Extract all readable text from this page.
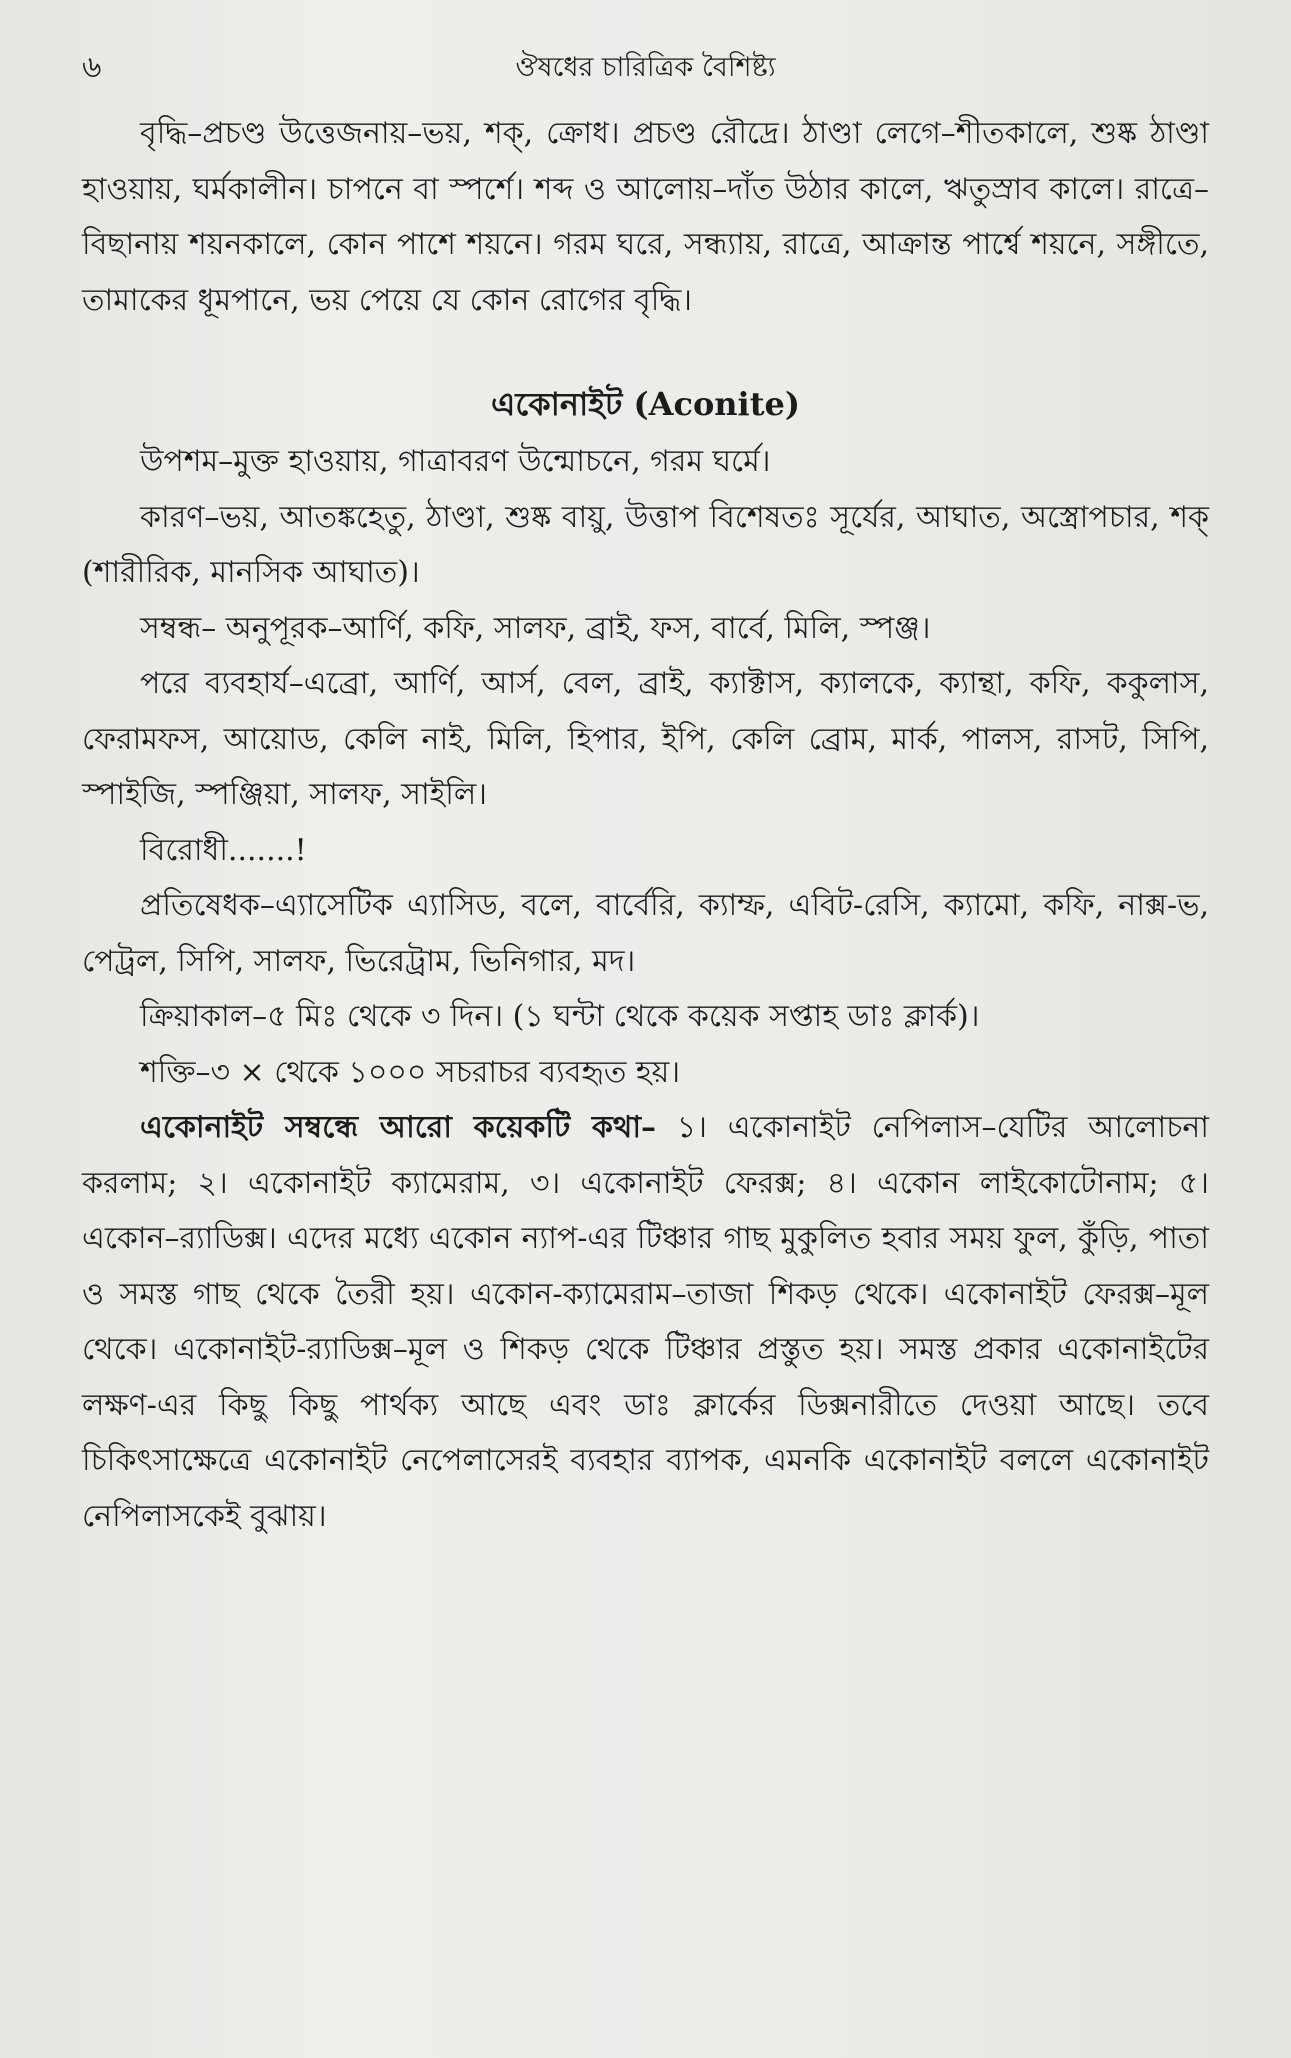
৬	ঔষধের চারিত্রিক বৈশিষ্ট্য

বৃদ্ধি–প্রচণ্ড উত্তেজনায়–ভয়, শক্, ক্রোধ। প্রচণ্ড রৌদ্রে। ঠাণ্ডা লেগে–শীতকালে, শুষ্ক ঠাণ্ডা হাওয়ায়, ঘর্মকালীন। চাপনে বা স্পর্শে। শব্দ ও আলোয়–দাঁত উঠার কালে, ঋতুস্রাব কালে। রাত্রে–বিছানায় শয়নকালে, কোন পাশে শয়নে। গরম ঘরে, সন্ধ্যায়, রাত্রে, আক্রান্ত পার্শ্বে শয়নে, সঙ্গীতে, তামাকের ধূমপানে, ভয় পেয়ে যে কোন রোগের বৃদ্ধি।

একোনাইট (Aconite)

উপশম–মুক্ত হাওয়ায়, গাত্রাবরণ উন্মোচনে, গরম ঘর্মে।

কারণ–ভয়, আতঙ্কহেতু, ঠাণ্ডা, শুষ্ক বায়ু, উত্তাপ বিশেষতঃ সূর্যের, আঘাত, অস্ত্রোপচার, শক্ (শারীরিক, মানসিক আঘাত)।

সম্বন্ধ– অনুপূরক–আর্ণি, কফি, সালফ, ব্রাই, ফস, বার্বে, মিলি, স্পঞ্জ।

পরে ব্যবহার্য–এব্রো, আর্ণি, আর্স, বেল, ব্রাই, ক্যাক্টাস, ক্যালকে, ক্যান্থা, কফি, ককুলাস, ফেরামফস, আয়োড, কেলি নাই, মিলি, হিপার, ইপি, কেলি ব্রোম, মার্ক, পালস, রাসট, সিপি, স্পাইজি, স্পঞ্জিয়া, সালফ, সাইলি।

বিরোধী.......!

প্রতিষেধক–এ্যাসেটিক এ্যাসিড, বলে, বার্বেরি, ক্যাম্ফ, এবিট-রেসি, ক্যামো, কফি, নাক্স-ভ, পেট্রল, সিপি, সালফ, ভিরেট্রাম, ভিনিগার, মদ।

ক্রিয়াকাল–৫ মিঃ থেকে ৩ দিন। (১ ঘন্টা থেকে কয়েক সপ্তাহ ডাঃ ক্লার্ক)।

শক্তি–৩ × থেকে ১০০০ সচরাচর ব্যবহৃত হয়।

একোনাইট সম্বন্ধে আরো কয়েকটি কথা– ১। একোনাইট নেপিলাস–যেটির আলোচনা করলাম; ২। একোনাইট ক্যামেরাম, ৩। একোনাইট ফেরক্স; ৪। একোন লাইকোটোনাম; ৫। একোন–র‍্যাডিক্স। এদের মধ্যে একোন ন্যাপ-এর টিঞ্চার গাছ মুকুলিত হবার সময় ফুল, কুঁড়ি, পাতা ও সমস্ত গাছ থেকে তৈরী হয়। একোন-ক্যামেরাম–তাজা শিকড় থেকে। একোনাইট ফেরক্স–মূল থেকে। একোনাইট-র‍্যাডিক্স–মূল ও শিকড় থেকে টিঞ্চার প্রস্তুত হয়। সমস্ত প্রকার একোনাইটের লক্ষণ-এর কিছু কিছু পার্থক্য আছে এবং ডাঃ ক্লার্কের ডিক্সনারীতে দেওয়া আছে। তবে চিকিৎসাক্ষেত্রে একোনাইট নেপেলাসেরই ব্যবহার ব্যাপক, এমনকি একোনাইট বললে একোনাইট নেপিলাসকেই বুঝায়।
